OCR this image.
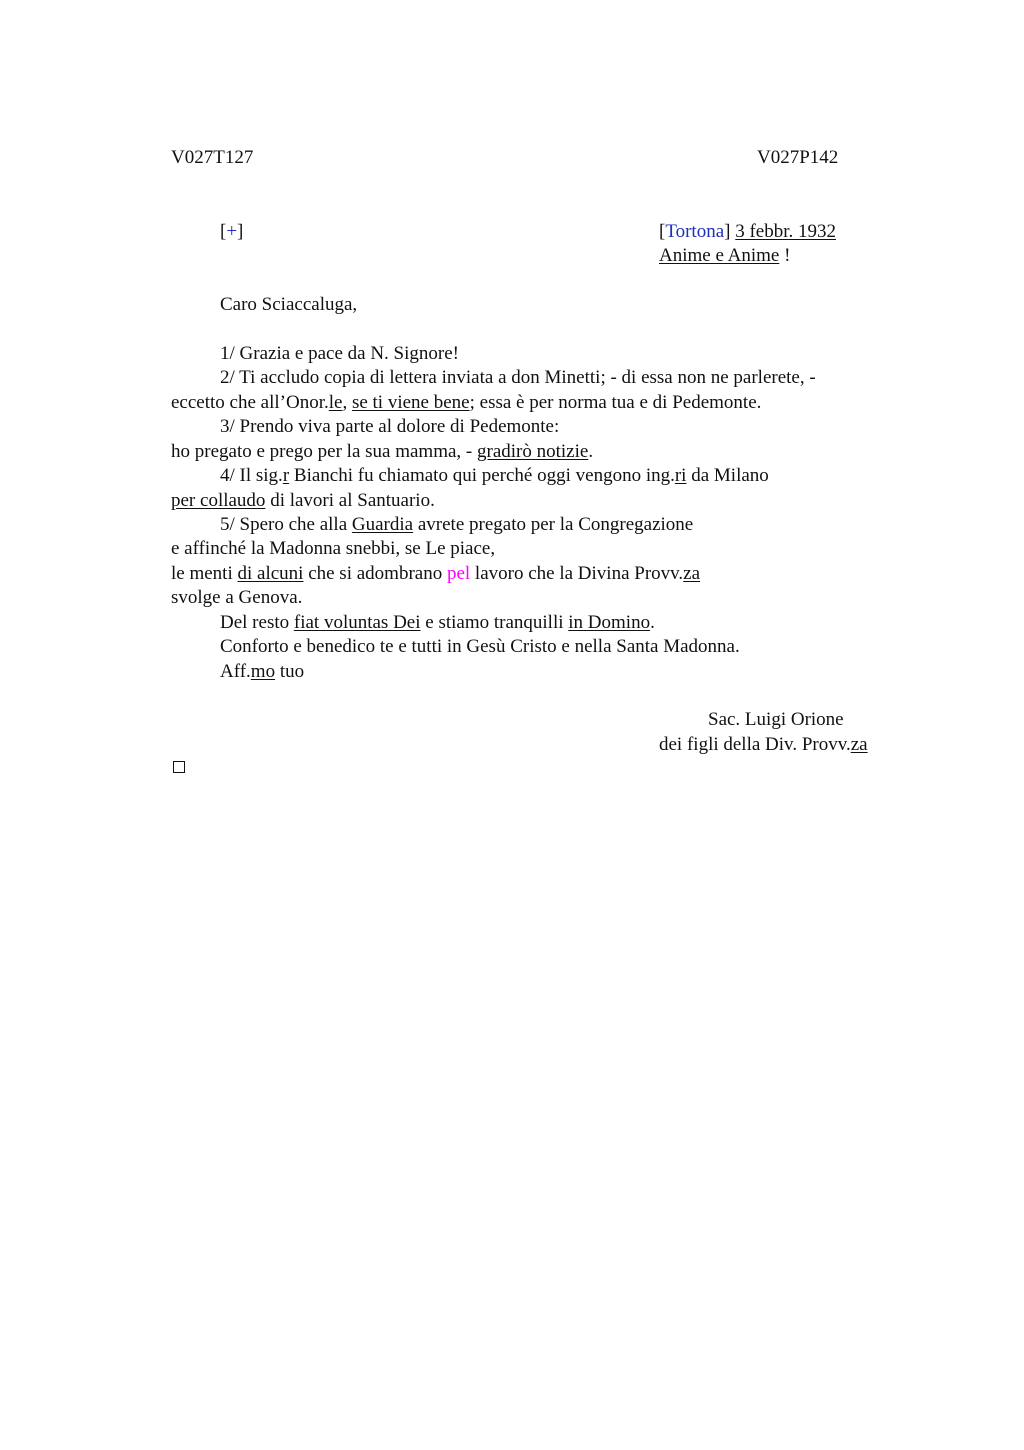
V027T127	V027P142
[+]	[Tortona] 3 febbr. 1932
Anime e Anime !
Caro Sciaccaluga,
1/ Grazia e pace da N. Signore!
2/ Ti accludo copia di lettera inviata a don Minetti; - di essa non ne parlerete, -
eccetto che all’Onor.le, se ti viene bene; essa è per norma tua e di Pedemonte.
3/ Prendo viva parte al dolore di Pedemonte:
ho pregato e prego per la sua mamma, - gradirò notizie.
4/ Il sig.r Bianchi fu chiamato qui perché oggi vengono ing.ri da Milano
per collaudo di lavori al Santuario.
5/ Spero che alla Guardia avrete pregato per la Congregazione
e affinché la Madonna snebbi, se Le piace,
le menti di alcuni che si adombrano pel lavoro che la Divina Provv.za
svolge a Genova.
Del resto fiat voluntas Dei e stiamo tranquilli in Domino.
Conforto e benedico te e tutti in Gesù Cristo e nella Santa Madonna.
Aff.mo tuo
Sac. Luigi Orione
dei figli della Div. Provv.za
